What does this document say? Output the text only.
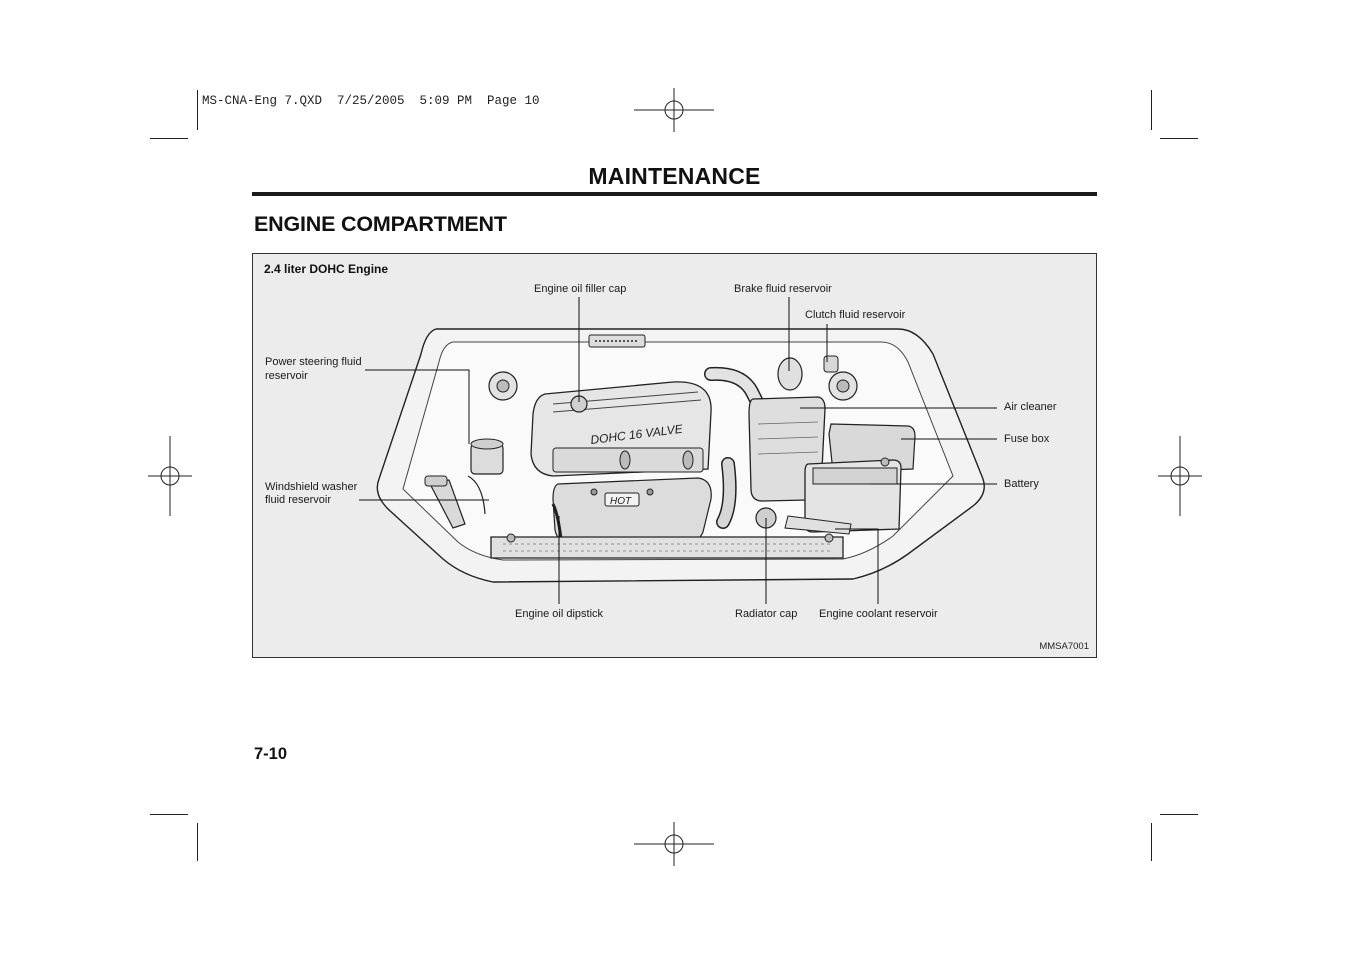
MS-CNA-Eng 7.QXD  7/25/2005  5:09 PM  Page 10
MAINTENANCE
ENGINE COMPARTMENT
2.4 liter DOHC Engine
DOHC 16 VALVE
HOT
Engine oil filler cap	Brake fluid reservoir
Clutch fluid reservoir
Power steering fluid
reservoir
Air cleaner
Fuse box
Battery
Windshield washer
fluid reservoir
Engine oil dipstick	Radiator cap Engine coolant reservoir
MMSA7001
7-10
